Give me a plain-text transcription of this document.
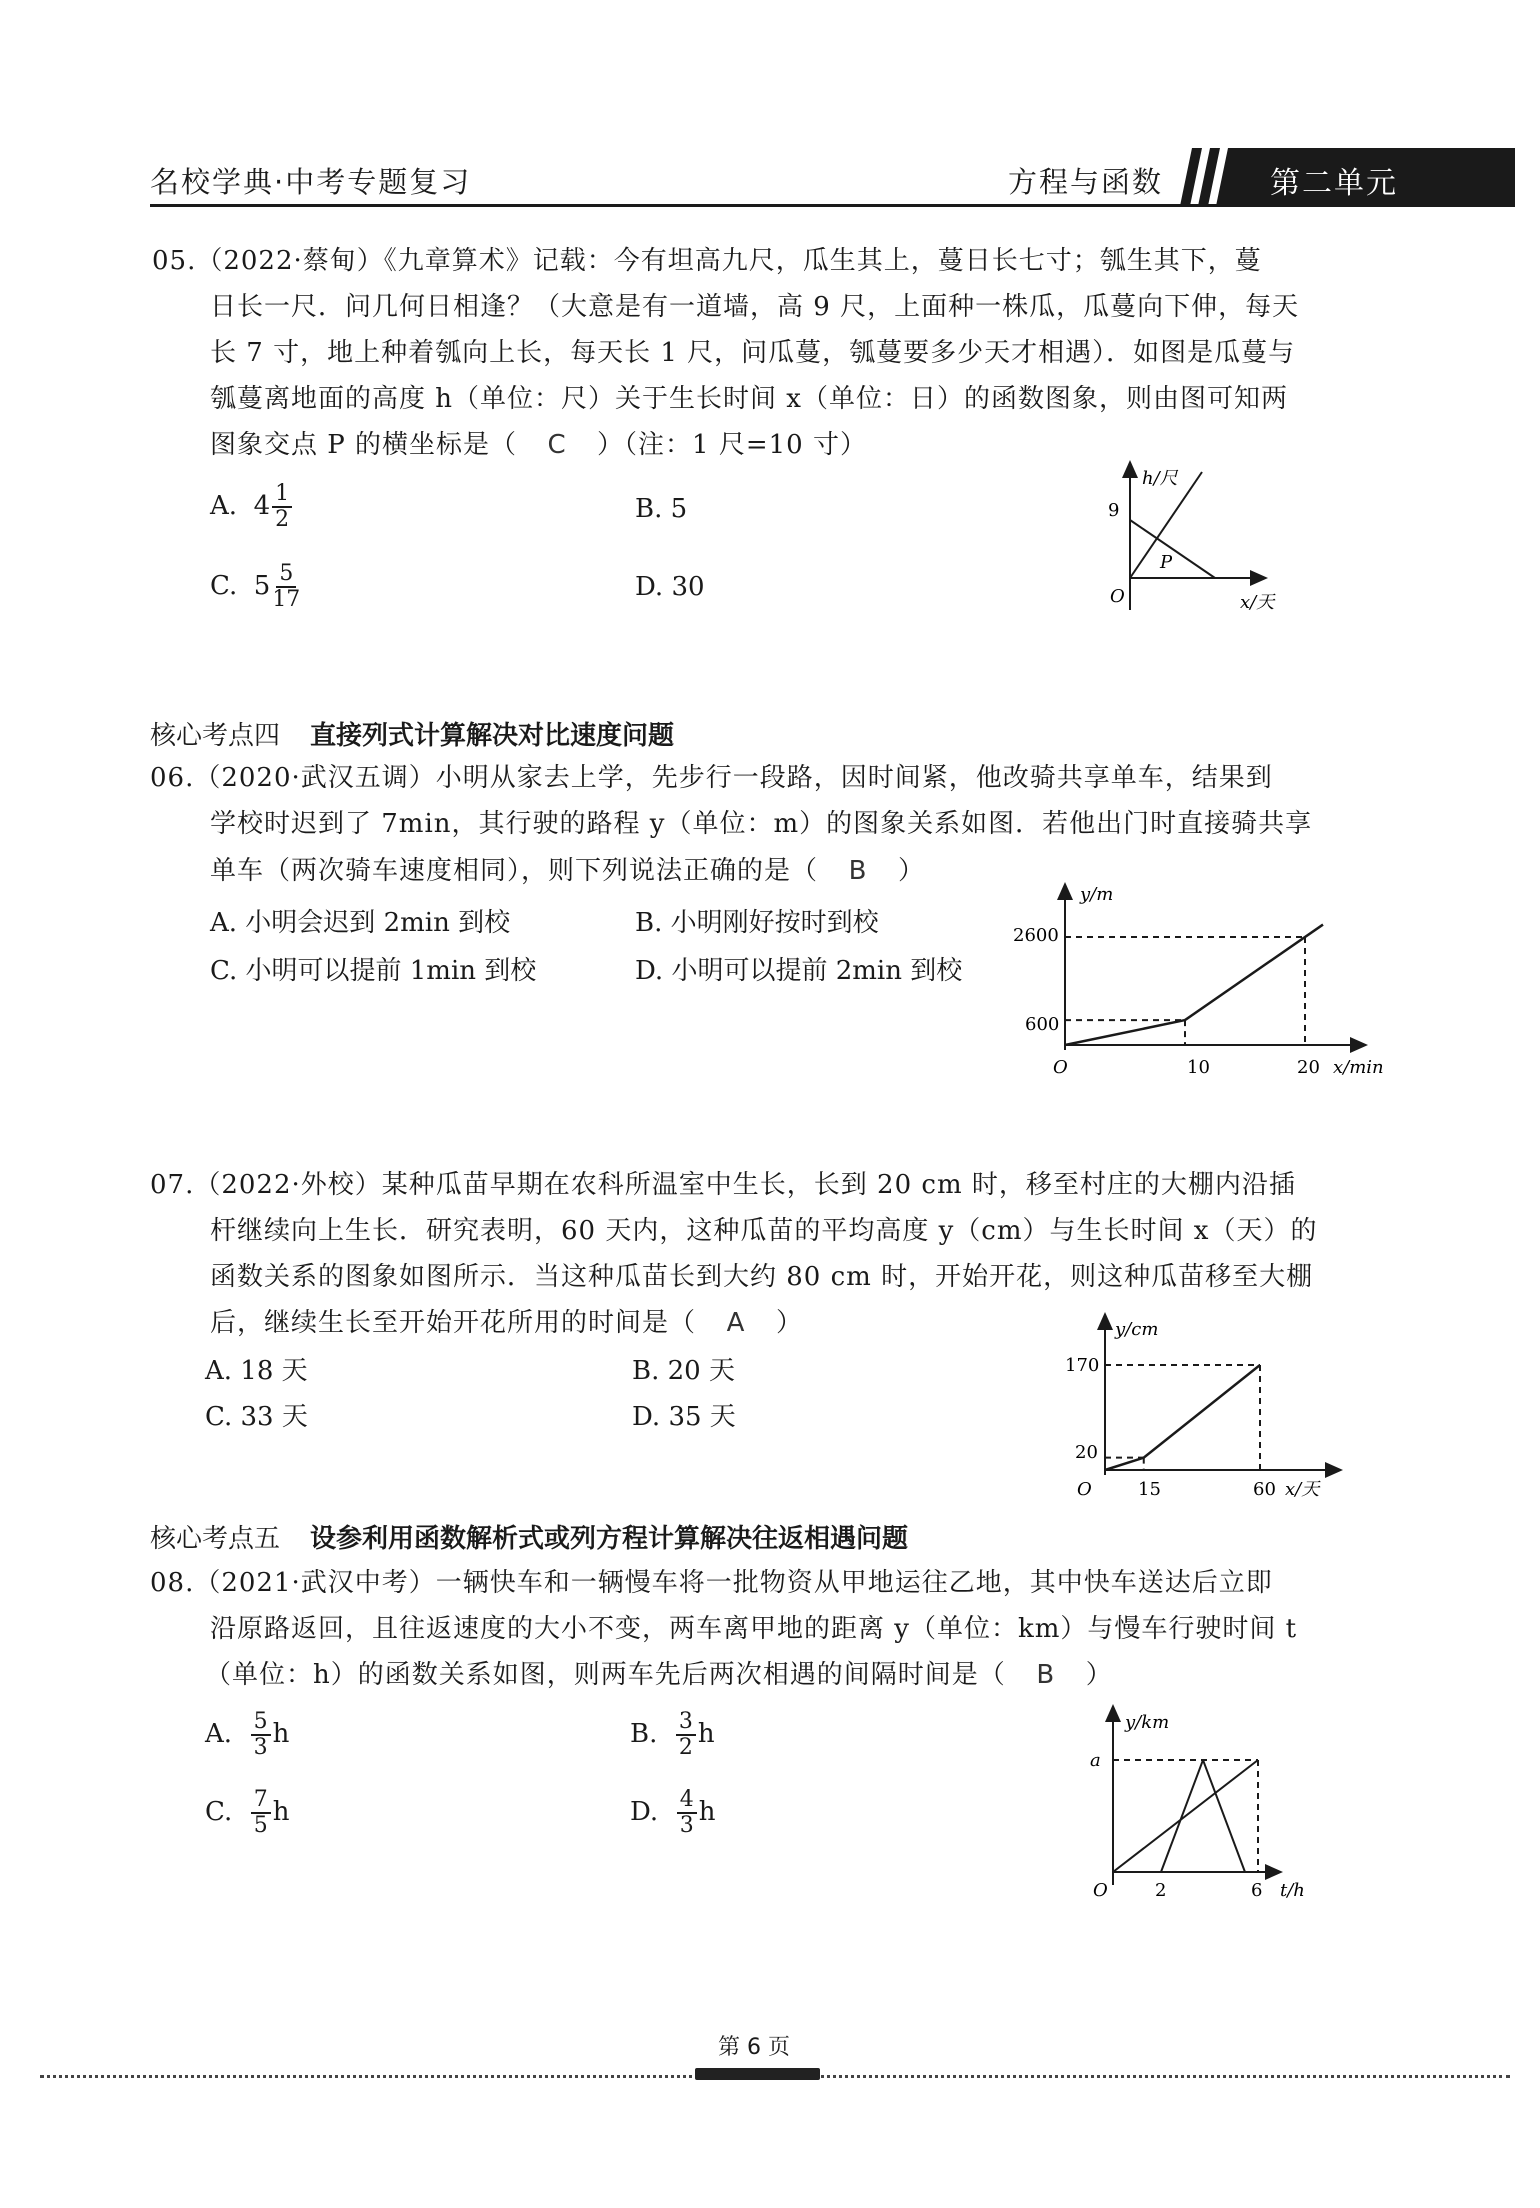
名校学典·中考专题复习	方程与函数	第二单元
05.（2022·蔡甸）《九章算术》记载：今有坦高九尺，瓜生其上，蔓日长七寸；瓠生其下，蔓
日长一尺．问几何日相逢？（大意是有一道墙，高 9 尺，上面种一株瓜，瓜蔓向下伸，每天
长 7 寸，地上种着瓠向上长，每天长 1 尺，问瓜蔓，瓠蔓要多少天才相遇）．如图是瓜蔓与
瓠蔓离地面的高度 h（单位：尺）关于生长时间 x（单位：日）的函数图象，则由图可知两
图象交点 P 的横坐标是（ C ）（注：1 尺=10 寸）
A. $4 \frac{1}{2}$	B. 5
C. $5 \frac{5}{17}$	D. 30
h/尺
9
P
O	x/天
核心考点四 直接列式计算解决对比速度问题
06.（2020·武汉五调）小明从家去上学，先步行一段路，因时间紧，他改骑共享单车，结果到
学校时迟到了 7min，其行驶的路程 y（单位：m）的图象关系如图．若他出门时直接骑共享
单车（两次骑车速度相同），则下列说法正确的是（ B ）
A. 小明会迟到 2min 到校	B. 小明刚好按时到校
C. 小明可以提前 1min 到校	D. 小明可以提前 2min 到校
y/m
2600
600
O	10	20 x/min
07.（2022·外校）某种瓜苗早期在农科所温室中生长，长到 20 cm 时，移至村庄的大棚内沿插
杆继续向上生长．研究表明，60 天内，这种瓜苗的平均高度 y（cm）与生长时间 x（天）的
函数关系的图象如图所示．当这种瓜苗长到大约 80 cm 时，开始开花，则这种瓜苗移至大棚
后，继续生长至开始开花所用的时间是（ A ）
A. 18 天	B. 20 天
C. 33 天	D. 35 天
y/cm
170
20
O	15	60 x/天
核心考点五 设参利用函数解析式或列方程计算解决往返相遇问题
08.（2021·武汉中考）一辆快车和一辆慢车将一批物资从甲地运往乙地，其中快车送达后立即
沿原路返回，且往返速度的大小不变，两车离甲地的距离 y（单位：km）与慢车行驶时间 t
（单位：h）的函数关系如图，则两车先后两次相遇的间隔时间是（ B ）
A. $\frac{5}{3}$ h	B. $\frac{3}{2}$ h
C. $\frac{7}{5}$ h	D. $\frac{4}{3}$ h
y/km
a
O	2	6 t/h
第 6 页
